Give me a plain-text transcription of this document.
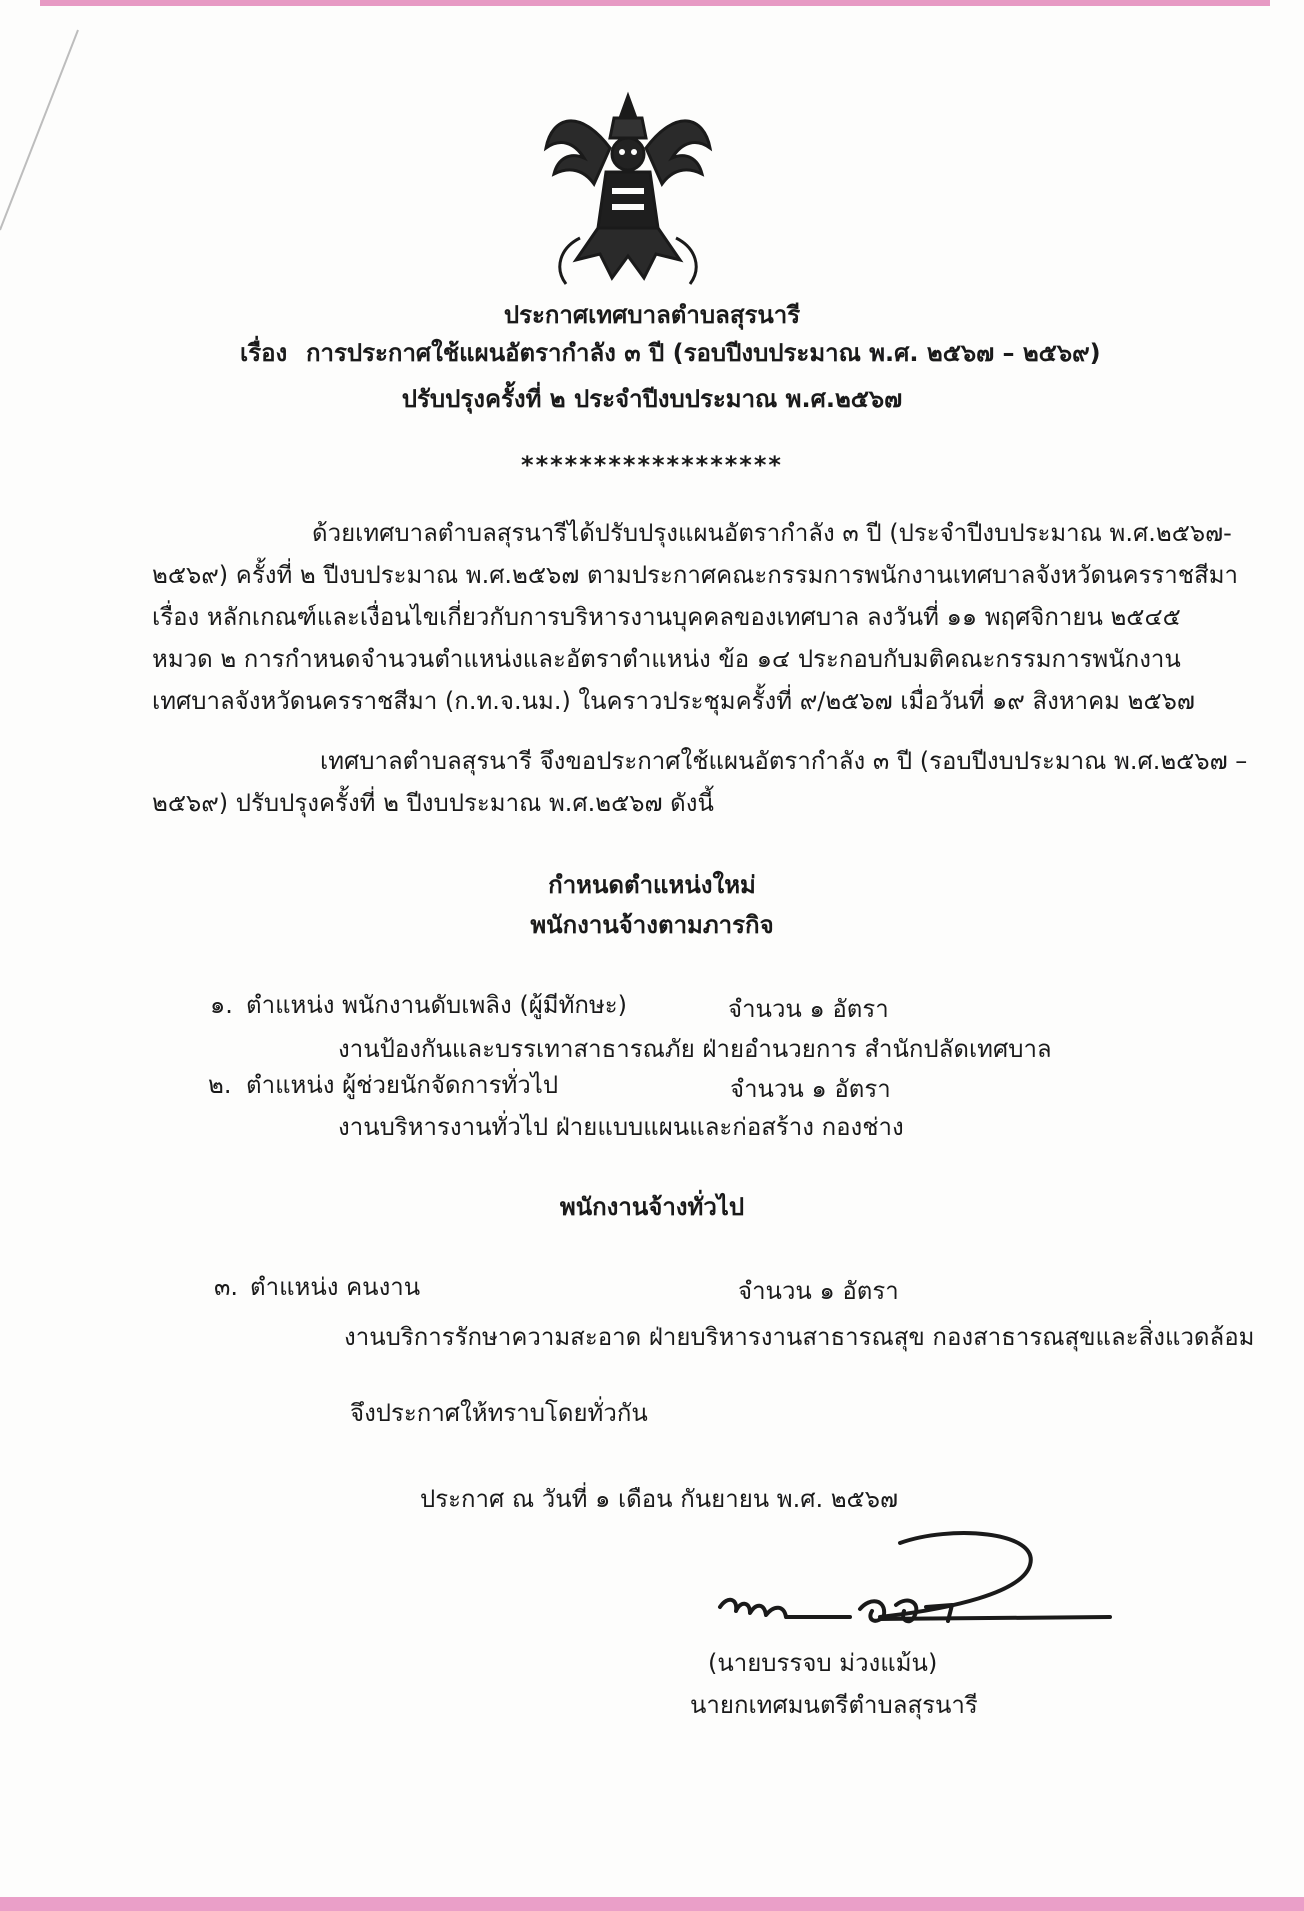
ประกาศเทศบาลตำบลสุรนารี
เรื่อง การประกาศใช้แผนอัตรากำลัง ๓ ปี (รอบปีงบประมาณ พ.ศ. ๒๕๖๗ – ๒๕๖๙)
ปรับปรุงครั้งที่ ๒ ประจำปีงบประมาณ พ.ศ.๒๕๖๗
******************
ด้วยเทศบาลตำบลสุรนารีได้ปรับปรุงแผนอัตรากำลัง ๓ ปี (ประจำปีงบประมาณ พ.ศ.๒๕๖๗-
๒๕๖๙) ครั้งที่ ๒ ปีงบประมาณ พ.ศ.๒๕๖๗ ตามประกาศคณะกรรมการพนักงานเทศบาลจังหวัดนครราชสีมา
เรื่อง หลักเกณฑ์และเงื่อนไขเกี่ยวกับการบริหารงานบุคคลของเทศบาล ลงวันที่ ๑๑ พฤศจิกายน ๒๕๔๕
หมวด ๒ การกำหนดจำนวนตำแหน่งและอัตราตำแหน่ง ข้อ ๑๔ ประกอบกับมติคณะกรรมการพนักงาน
เทศบาลจังหวัดนครราชสีมา (ก.ท.จ.นม.) ในคราวประชุมครั้งที่ ๙/๒๕๖๗ เมื่อวันที่ ๑๙ สิงหาคม ๒๕๖๗
เทศบาลตำบลสุรนารี จึงขอประกาศใช้แผนอัตรากำลัง ๓ ปี (รอบปีงบประมาณ พ.ศ.๒๕๖๗ –
๒๕๖๙) ปรับปรุงครั้งที่ ๒ ปีงบประมาณ พ.ศ.๒๕๖๗ ดังนี้
กำหนดตำแหน่งใหม่
พนักงานจ้างตามภารกิจ
๑. ตำแหน่ง พนักงานดับเพลิง (ผู้มีทักษะ)	จำนวน ๑ อัตรา
งานป้องกันและบรรเทาสาธารณภัย ฝ่ายอำนวยการ สำนักปลัดเทศบาล
๒. ตำแหน่ง ผู้ช่วยนักจัดการทั่วไป	จำนวน ๑ อัตรา
งานบริหารงานทั่วไป ฝ่ายแบบแผนและก่อสร้าง กองช่าง
พนักงานจ้างทั่วไป
๓. ตำแหน่ง คนงาน	จำนวน ๑ อัตรา
งานบริการรักษาความสะอาด ฝ่ายบริหารงานสาธารณสุข กองสาธารณสุขและสิ่งแวดล้อม
จึงประกาศให้ทราบโดยทั่วกัน
ประกาศ ณ วันที่ ๑ เดือน กันยายน พ.ศ. ๒๕๖๗
(นายบรรจบ ม่วงแม้น)
นายกเทศมนตรีตำบลสุรนารี
